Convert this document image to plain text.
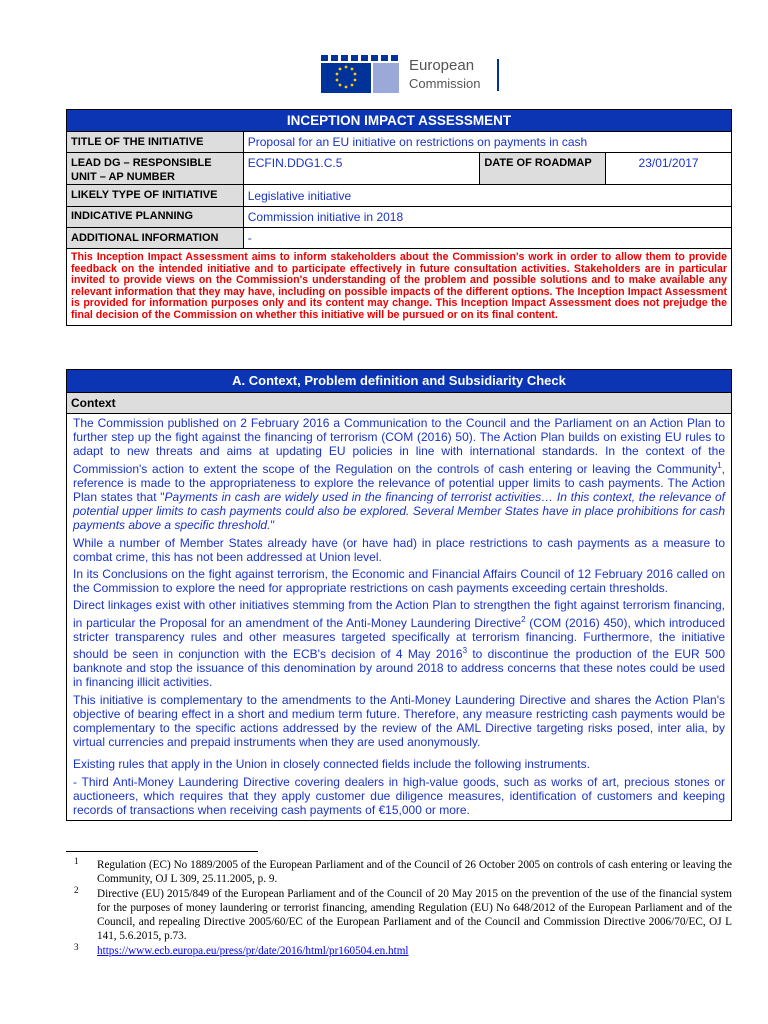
European
Commission
INCEPTION IMPACT ASSESSMENT			
TITLE OF THE INITIATIVE	Proposal for an EU initiative on restrictions on payments in cash		
LEAD DG – RESPONSIBLE UNIT – AP NUMBER	ECFIN.DDG1.C.5	DATE OF ROADMAP	23/01/2017
LIKELY TYPE OF INITIATIVE	Legislative initiative		
INDICATIVE PLANNING	Commission initiative in 2018		
ADDITIONAL INFORMATION	-		
This Inception Impact Assessment aims to inform stakeholders about the Commission's work in order to allow them to provide feedback on the intended initiative and to participate effectively in future consultation activities. Stakeholders are in particular invited to provide views on the Commission's understanding of the problem and possible solutions and to make available any relevant information that they may have, including on possible impacts of the different options. The Inception Impact Assessment is provided for information purposes only and its content may change. This Inception Impact Assessment does not prejudge the final decision of the Commission on whether this initiative will be pursued or on its final content.			
A. Context, Problem definition and Subsidiarity Check
Context

The Commission published on 2 February 2016 a Communication to the Council and the Parliament on an Action Plan to further step up the fight against the financing of terrorism (COM (2016) 50). The Action Plan builds on existing EU rules to adapt to new threats and aims at updating EU policies in line with international standards. In the context of the Commission's action to extent the scope of the Regulation on the controls of cash entering or leaving the Community$^1$, reference is made to the appropriateness to explore the relevance of potential upper limits to cash payments. The Action Plan states that "Payments in cash are widely used in the financing of terrorist activities… In this context, the relevance of potential upper limits to cash payments could also be explored. Several Member States have in place prohibitions for cash payments above a specific threshold."

While a number of Member States already have (or have had) in place restrictions to cash payments as a measure to combat crime, this has not been addressed at Union level.

In its Conclusions on the fight against terrorism, the Economic and Financial Affairs Council of 12 February 2016 called on the Commission to explore the need for appropriate restrictions on cash payments exceeding certain thresholds.

Direct linkages exist with other initiatives stemming from the Action Plan to strengthen the fight against terrorism financing, in particular the Proposal for an amendment of the Anti-Money Laundering Directive$^2$ (COM (2016) 450), which introduced stricter transparency rules and other measures targeted specifically at terrorism financing. Furthermore, the initiative should be seen in conjunction with the ECB's decision of 4 May 2016$^3$ to discontinue the production of the EUR 500 banknote and stop the issuance of this denomination by around 2018 to address concerns that these notes could be used in financing illicit activities.

This initiative is complementary to the amendments to the Anti-Money Laundering Directive and shares the Action Plan's objective of bearing effect in a short and medium term future. Therefore, any measure restricting cash payments would be complementary to the specific actions addressed by the review of the AML Directive targeting risks posed, inter alia, by virtual currencies and prepaid instruments when they are used anonymously.

Existing rules that apply in the Union in closely connected fields include the following instruments.

- Third Anti-Money Laundering Directive covering dealers in high-value goods, such as works of art, precious stones or auctioneers, which requires that they apply customer due diligence measures, identification of customers and keeping records of transactions when receiving cash payments of €15,000 or more.

1 Regulation (EC) No 1889/2005 of the European Parliament and of the Council of 26 October 2005 on controls of cash entering or leaving the Community, OJ L 309, 25.11.2005, p. 9.
2 Directive (EU) 2015/849 of the European Parliament and of the Council of 20 May 2015 on the prevention of the use of the financial system for the purposes of money laundering or terrorist financing, amending Regulation (EU) No 648/2012 of the European Parliament and of the Council, and repealing Directive 2005/60/EC of the European Parliament and of the Council and Commission Directive 2006/70/EC, OJ L 141, 5.6.2015, p.73.
3 https://www.ecb.europa.eu/press/pr/date/2016/html/pr160504.en.html
